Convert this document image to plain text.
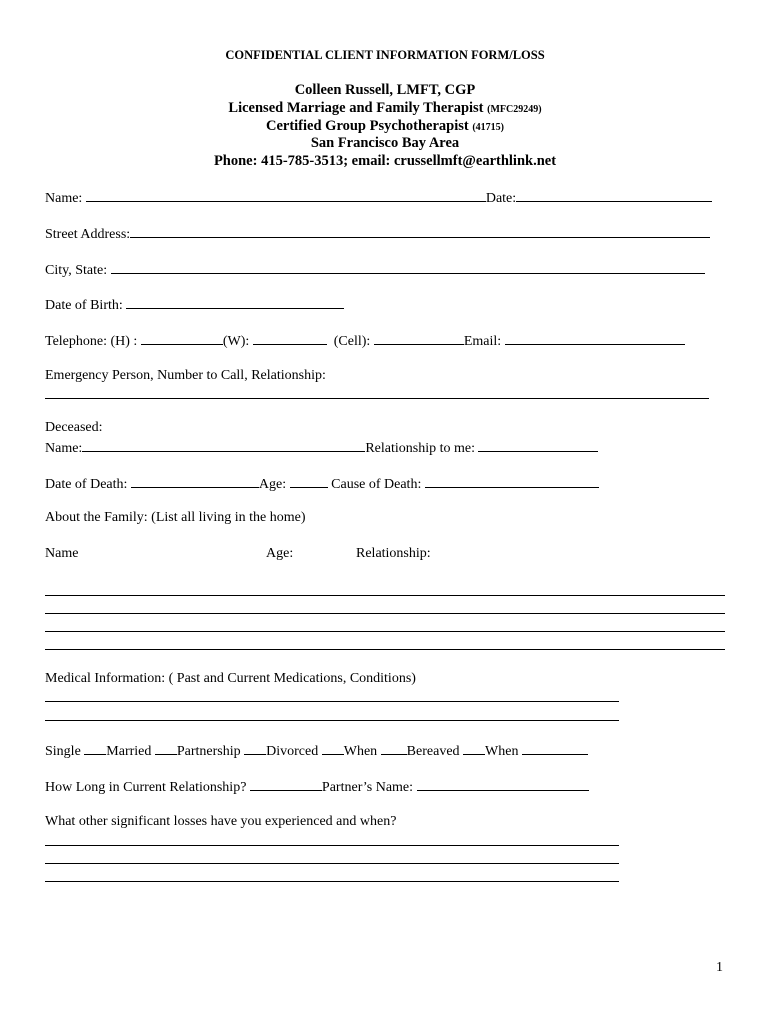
CONFIDENTIAL CLIENT INFORMATION FORM/LOSS
Colleen Russell, LMFT, CGP
Licensed Marriage and Family Therapist (MFC29249)
Certified Group Psychotherapist (41715)
San Francisco Bay Area
Phone: 415-785-3513; email: crussellmft@earthlink.net
Name:	Date:
Street Address:
City, State:
Date of Birth:
Telephone: (H) :	(W):	(Cell):	Email:
Emergency Person, Number to Call, Relationship:
Deceased:
Name:	Relationship to me:
Date of Death:	Age:	Cause of Death:
About the Family: (List all living in the home)
Name	Age:	Relationship:
Medical Information: ( Past and Current Medications, Conditions)
Single Married Partnership Divorced When Bereaved When
How Long in Current Relationship?	Partner’s Name:
What other significant losses have you experienced and when?
1
